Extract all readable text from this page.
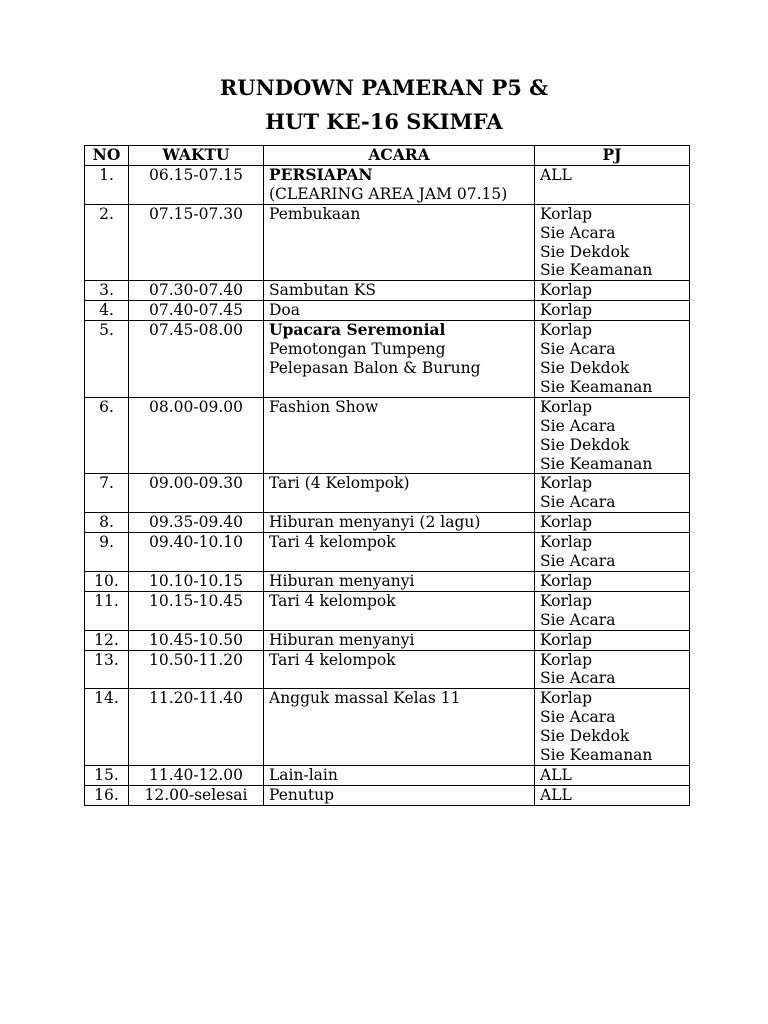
RUNDOWN PAMERAN P5 &
HUT KE-16 SKIMFA
NO	WAKTU	ACARA	PJ
1.	06.15-07.15	PERSIAPAN
(CLEARING AREA JAM 07.15)	ALL

2.	07.15-07.30	Pembukaan	Korlap
Sie Acara
Sie Dekdok
Sie Keamanan

3.	07.30-07.40	Sambutan KS	Korlap

4.	07.40-07.45	Doa	Korlap

5.	07.45-08.00	Upacara Seremonial
Pemotongan Tumpeng
Pelepasan Balon & Burung	Korlap
Sie Acara
Sie Dekdok
Sie Keamanan

6.	08.00-09.00	Fashion Show	Korlap
Sie Acara
Sie Dekdok
Sie Keamanan

7.	09.00-09.30	Tari (4 Kelompok)	Korlap
Sie Acara

8.	09.35-09.40	Hiburan menyanyi (2 lagu)	Korlap

9.	09.40-10.10	Tari 4 kelompok	Korlap
Sie Acara

10.	10.10-10.15	Hiburan menyanyi	Korlap

11.	10.15-10.45	Tari 4 kelompok	Korlap
Sie Acara

12.	10.45-10.50	Hiburan menyanyi	Korlap

13.	10.50-11.20	Tari 4 kelompok	Korlap
Sie Acara

14.	11.20-11.40	Angguk massal Kelas 11	Korlap
Sie Acara
Sie Dekdok
Sie Keamanan

15.	11.40-12.00	Lain-lain	ALL

16.	12.00-selesai	Penutup	ALL
